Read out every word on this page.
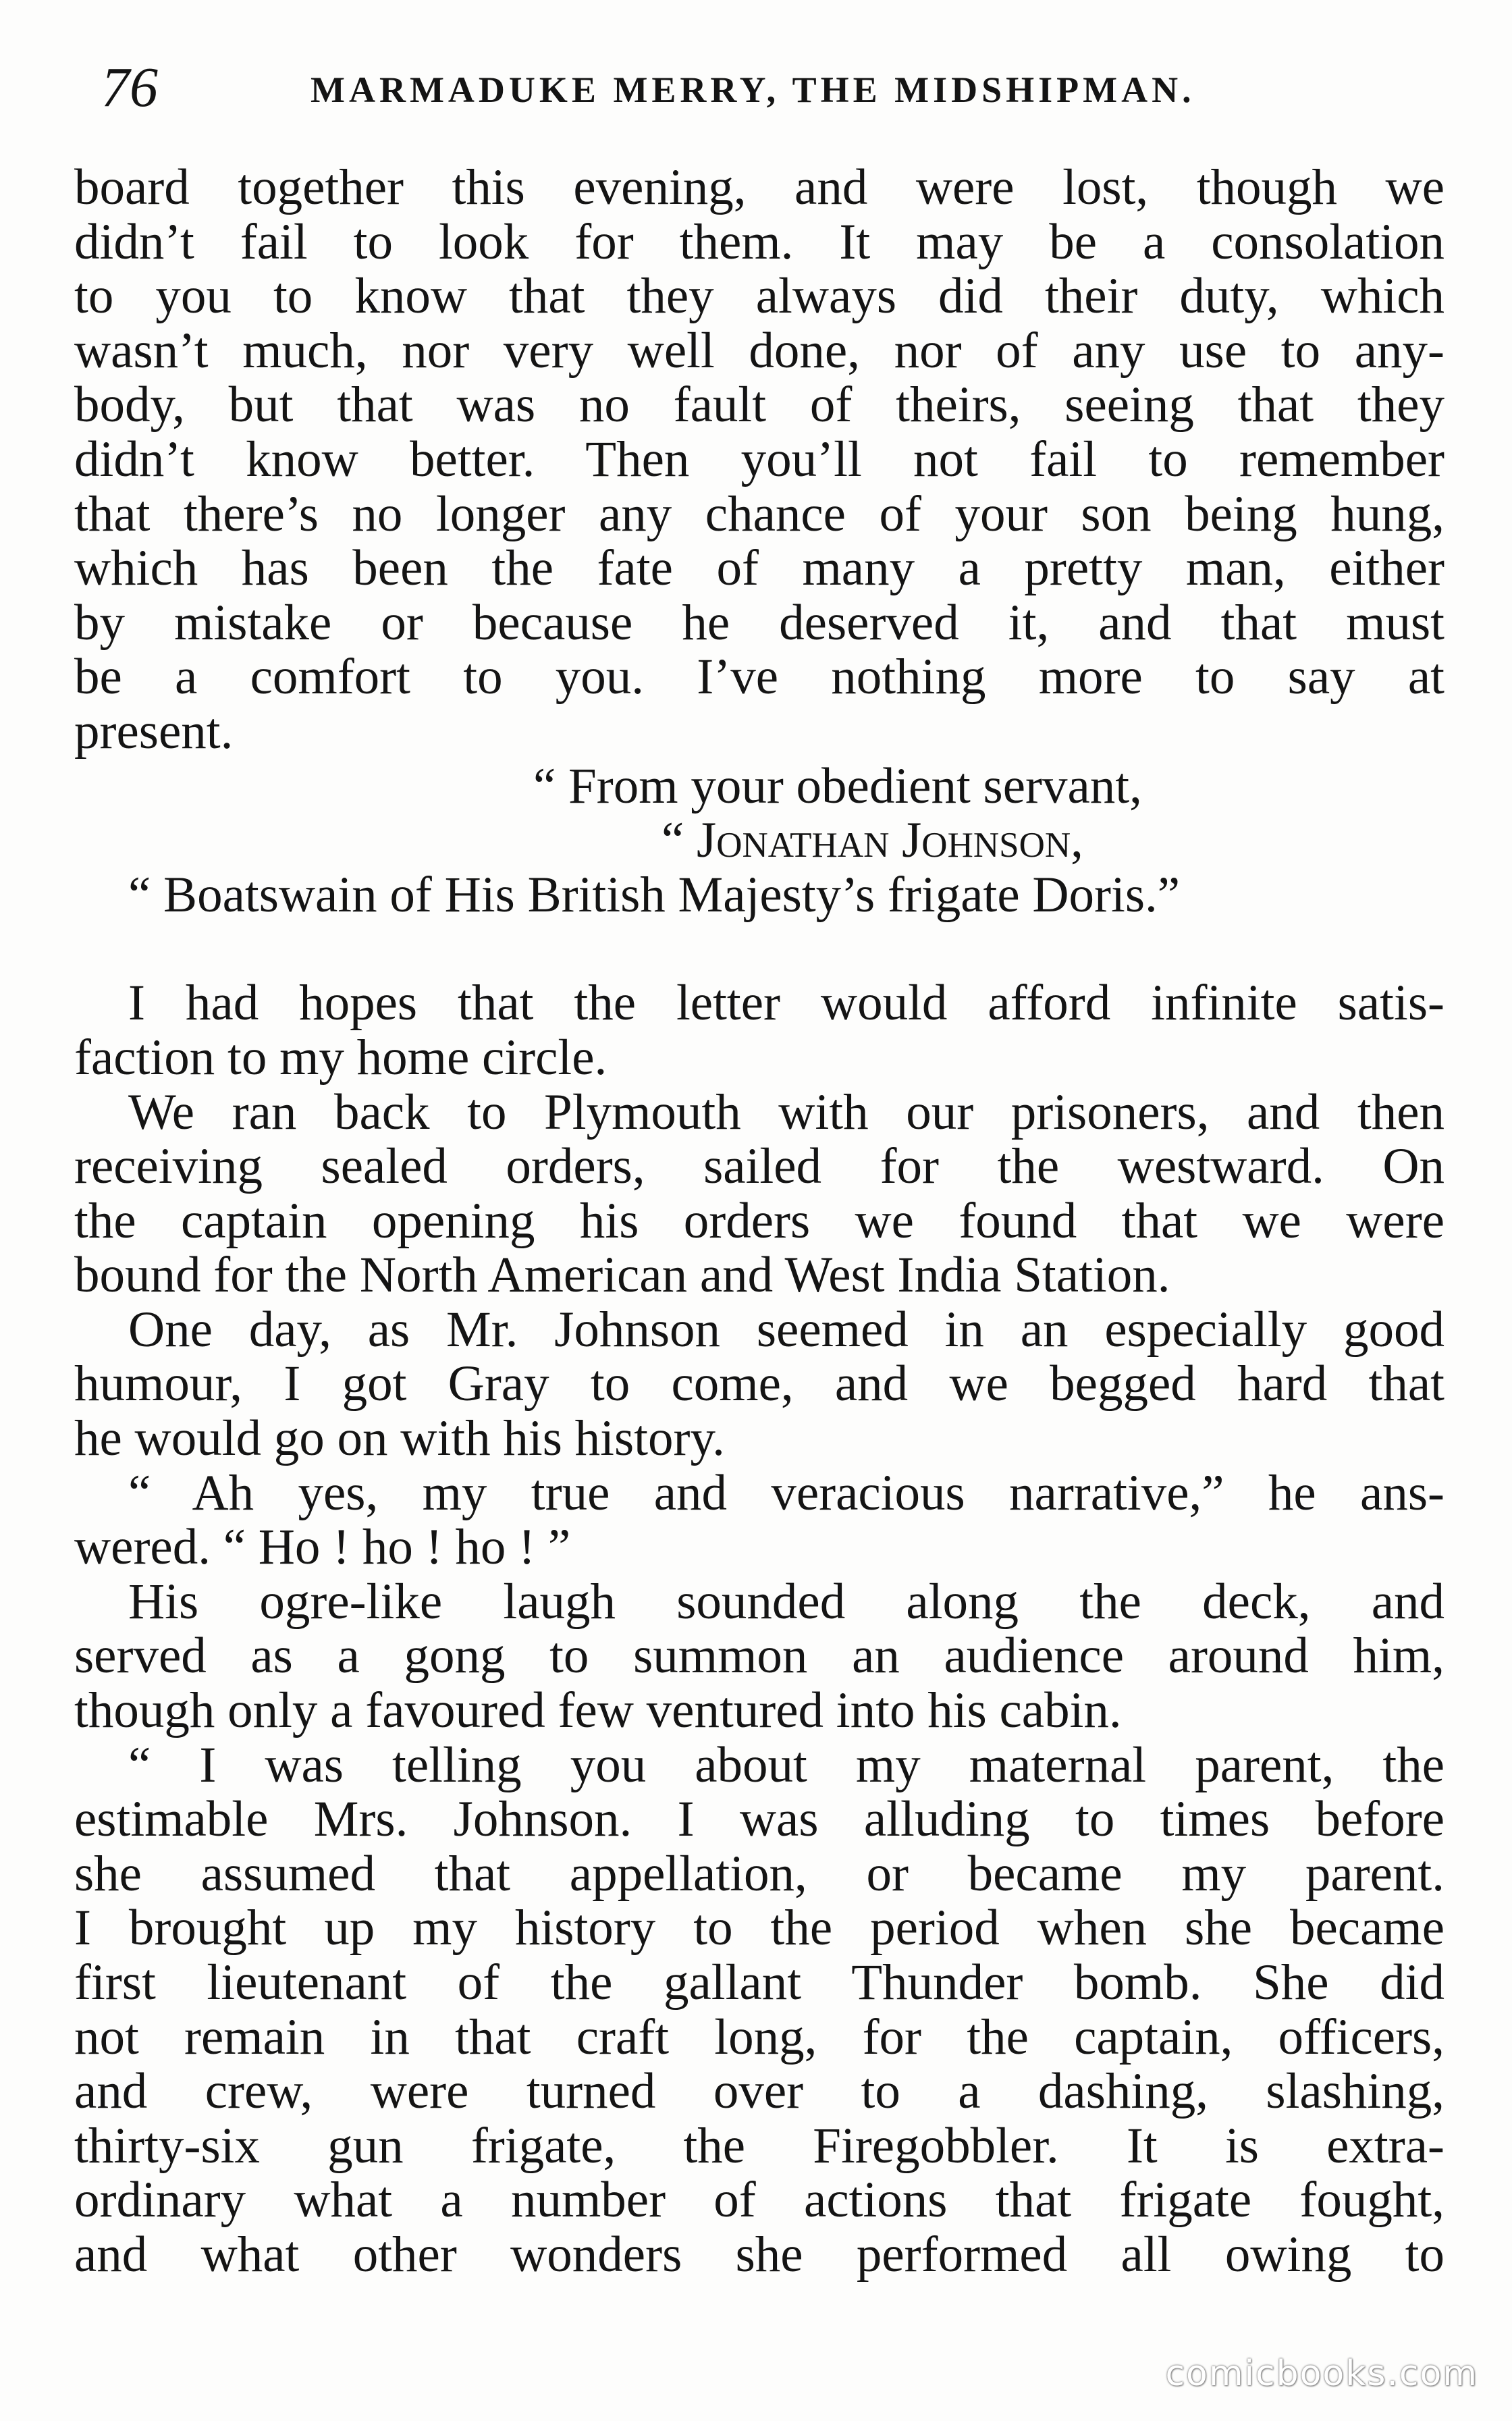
76	MARMADUKE MERRY, THE MIDSHIPMAN.
board together this evening, and were lost, though we
didn’t fail to look for them. It may be a consolation
to you to know that they always did their duty, which
wasn’t much, nor very well done, nor of any use to any-
body, but that was no fault of theirs, seeing that they
didn’t know better. Then you’ll not fail to remember
that there’s no longer any chance of your son being hung,
which has been the fate of many a pretty man, either
by mistake or because he deserved it, and that must
be a comfort to you. I’ve nothing more to say at
present.
“ From your obedient servant,
“ Jonathan Johnson,
“ Boatswain of His British Majesty’s frigate Doris.”
I had hopes that the letter would afford infinite satis-
faction to my home circle.
We ran back to Plymouth with our prisoners, and then
receiving sealed orders, sailed for the westward. On
the captain opening his orders we found that we were
bound for the North American and West India Station.
One day, as Mr. Johnson seemed in an especially good
humour, I got Gray to come, and we begged hard that
he would go on with his history.
“ Ah yes, my true and veracious narrative,” he ans-
wered. “ Ho ! ho ! ho ! ”
His ogre-like laugh sounded along the deck, and
served as a gong to summon an audience around him,
though only a favoured few ventured into his cabin.
“ I was telling you about my maternal parent, the
estimable Mrs. Johnson. I was alluding to times before
she assumed that appellation, or became my parent.
I brought up my history to the period when she became
first lieutenant of the gallant Thunder bomb. She did
not remain in that craft long, for the captain, officers,
and crew, were turned over to a dashing, slashing,
thirty-six gun frigate, the Firegobbler. It is extra-
ordinary what a number of actions that frigate fought,
and what other wonders she performed all owing to
comicbooks.com
